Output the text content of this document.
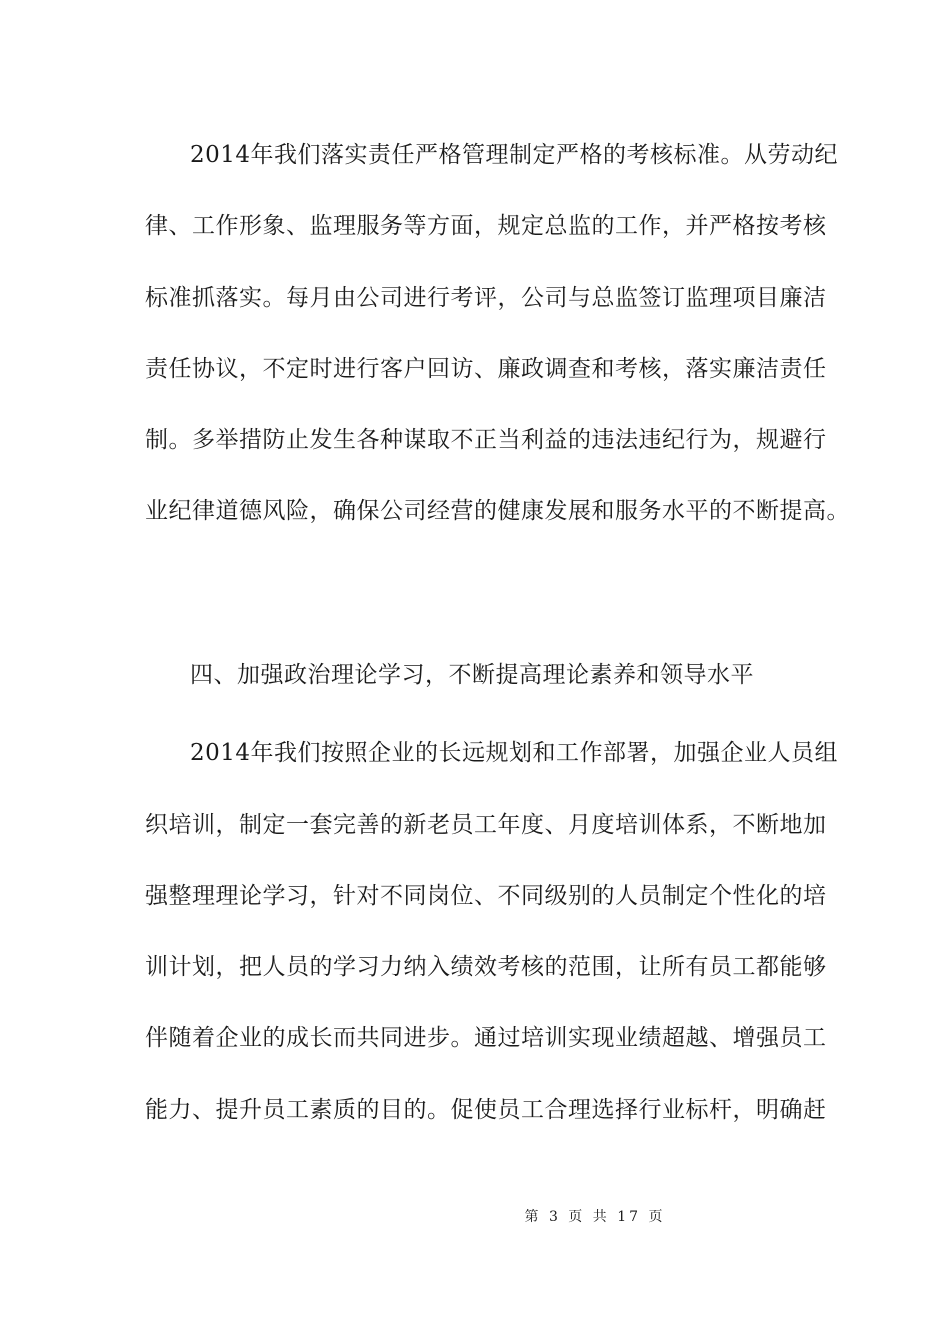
2014年我们落实责任严格管理制定严格的考核标准。从劳动纪
律、工作形象、监理服务等方面，规定总监的工作，并严格按考核
标准抓落实。每月由公司进行考评，公司与总监签订监理项目廉洁
责任协议，不定时进行客户回访、廉政调查和考核，落实廉洁责任
制。多举措防止发生各种谋取不正当利益的违法违纪行为，规避行
业纪律道德风险，确保公司经营的健康发展和服务水平的不断提高。
四、加强政治理论学习，不断提高理论素养和领导水平
2014年我们按照企业的长远规划和工作部署，加强企业人员组
织培训，制定一套完善的新老员工年度、月度培训体系，不断地加
强整理理论学习，针对不同岗位、不同级别的人员制定个性化的培
训计划，把人员的学习力纳入绩效考核的范围，让所有员工都能够
伴随着企业的成长而共同进步。通过培训实现业绩超越、增强员工
能力、提升员工素质的目的。促使员工合理选择行业标杆，明确赶
第 3 页 共 17 页
